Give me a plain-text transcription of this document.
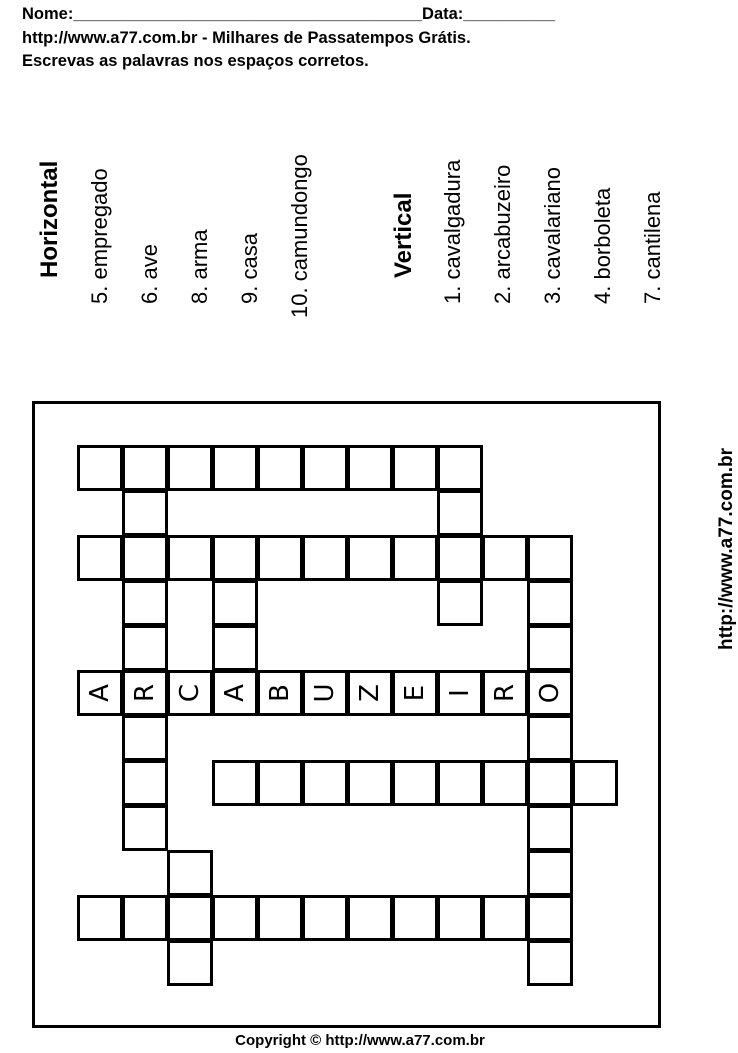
Nome:______________________________________Data:__________
http://www.a77.com.br - Milhares de Passatempos Grátis.
Escrevas as palavras nos espaços corretos.
Horizontal 5. empregado 6. ave 8. arma 9. casa 10. camundongo	Vertical 1. cavalgadura 2. arcabuzeiro 3. cavalariano 4. borboleta 7. cantilena
A R C A B U Z E I R O
http://www.a77.com.br
Copyright © http://www.a77.com.br
